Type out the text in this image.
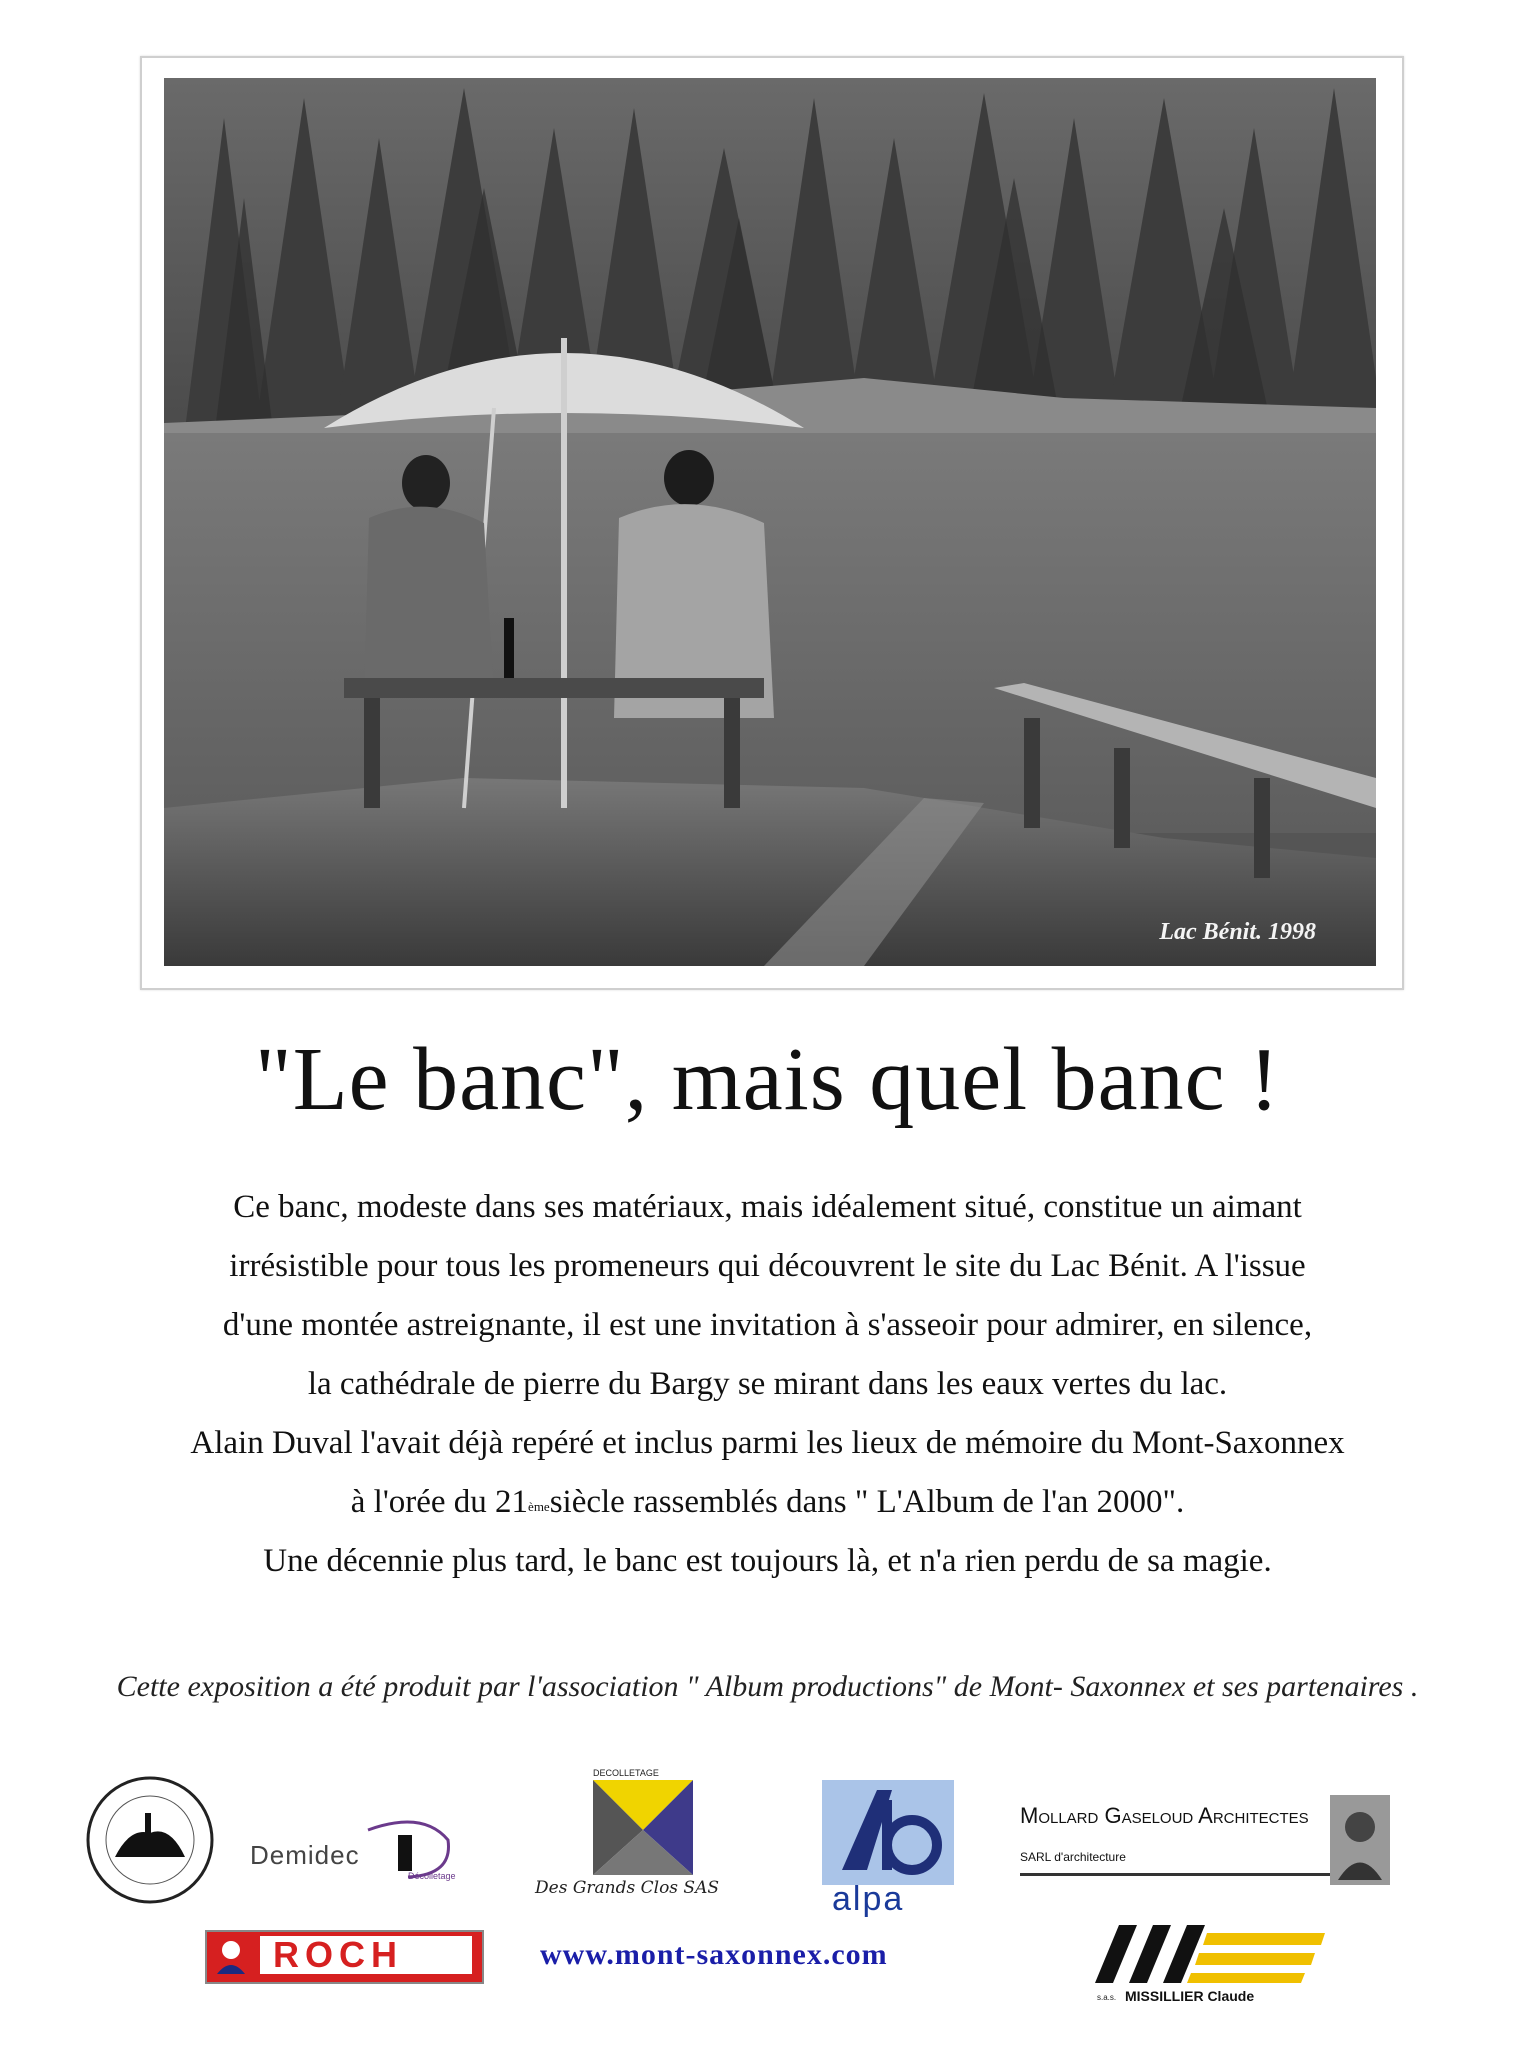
Lac Bénit. 1998
"Le banc", mais quel banc !

Ce banc, modeste dans ses matériaux, mais idéalement situé, constitue un aimant

irrésistible pour tous les promeneurs qui découvrent le site du Lac Bénit. A l'issue

d'une montée astreignante, il est une invitation à s'asseoir pour admirer, en silence,

la cathédrale de pierre du Bargy se mirant dans les eaux vertes du lac.

Alain Duval l'avait déjà repéré et inclus parmi les lieux de mémoire du Mont-Saxonnex

à l'orée du 21èmesiècle rassemblés dans " L'Album de l'an 2000".

Une décennie plus tard, le banc est toujours là, et n'a rien perdu de sa magie.

Cette exposition a été produit par l'association " Album productions" de Mont- Saxonnex et ses partenaires .
Demidec
Décolletage
DECOLLETAGE
Des Grands Clos SAS	alpa
Mollard Gaseloud Architectes
SARL d'architecture
ROCH	www.mont-saxonnex.com
s.a.s. MISSILLIER Claude
